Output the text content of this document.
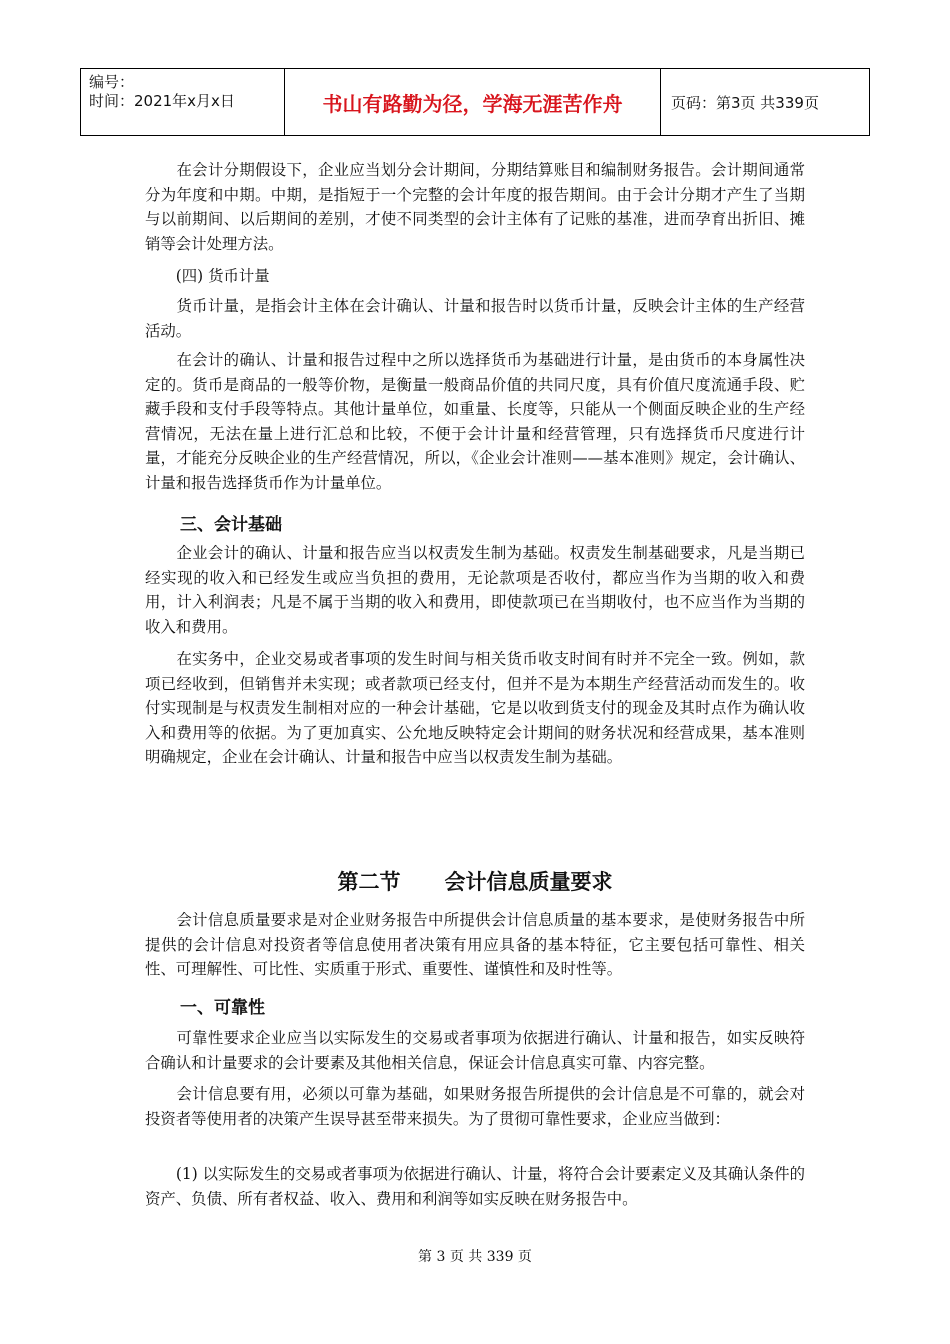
编号：
时间：2021年x月x日	书山有路勤为径，学海无涯苦作舟	页码：第3页 共339页

　　在会计分期假设下，企业应当划分会计期间，分期结算账目和编制财务报告。会计期间通常分为年度和中期。中期，是指短于一个完整的会计年度的报告期间。由于会计分期才产生了当期与以前期间、以后期间的差别，才使不同类型的会计主体有了记账的基准，进而孕育出折旧、摊销等会计处理方法。

　　(四) 货币计量

　　货币计量，是指会计主体在会计确认、计量和报告时以货币计量，反映会计主体的生产经营活动。

　　在会计的确认、计量和报告过程中之所以选择货币为基础进行计量，是由货币的本身属性决定的。货币是商品的一般等价物，是衡量一般商品价值的共同尺度，具有价值尺度流通手段、贮藏手段和支付手段等特点。其他计量单位，如重量、长度等，只能从一个侧面反映企业的生产经营情况，无法在量上进行汇总和比较，不便于会计计量和经营管理，只有选择货币尺度进行计量，才能充分反映企业的生产经营情况，所以，《企业会计准则——基本准则》规定，会计确认、计量和报告选择货币作为计量单位。

三、会计基础

　　企业会计的确认、计量和报告应当以权责发生制为基础。权责发生制基础要求，凡是当期已经实现的收入和已经发生或应当负担的费用，无论款项是否收付，都应当作为当期的收入和费用，计入利润表；凡是不属于当期的收入和费用，即使款项已在当期收付，也不应当作为当期的收入和费用。

　　在实务中，企业交易或者事项的发生时间与相关货币收支时间有时并不完全一致。例如，款项已经收到，但销售并未实现；或者款项已经支付，但并不是为本期生产经营活动而发生的。收付实现制是与权责发生制相对应的一种会计基础，它是以收到货支付的现金及其时点作为确认收入和费用等的依据。为了更加真实、公允地反映特定会计期间的财务状况和经营成果，基本准则明确规定，企业在会计确认、计量和报告中应当以权责发生制为基础。

第二节 会计信息质量要求

　　会计信息质量要求是对企业财务报告中所提供会计信息质量的基本要求，是使财务报告中所提供的会计信息对投资者等信息使用者决策有用应具备的基本特征，它主要包括可靠性、相关性、可理解性、可比性、实质重于形式、重要性、谨慎性和及时性等。

一、可靠性

　　可靠性要求企业应当以实际发生的交易或者事项为依据进行确认、计量和报告，如实反映符合确认和计量要求的会计要素及其他相关信息，保证会计信息真实可靠、内容完整。

　　会计信息要有用，必须以可靠为基础，如果财务报告所提供的会计信息是不可靠的，就会对投资者等使用者的决策产生误导甚至带来损失。为了贯彻可靠性要求，企业应当做到：

　　(1) 以实际发生的交易或者事项为依据进行确认、计量，将符合会计要素定义及其确认条件的资产、负债、所有者权益、收入、费用和利润等如实反映在财务报告中。

第 3 页 共 339 页
